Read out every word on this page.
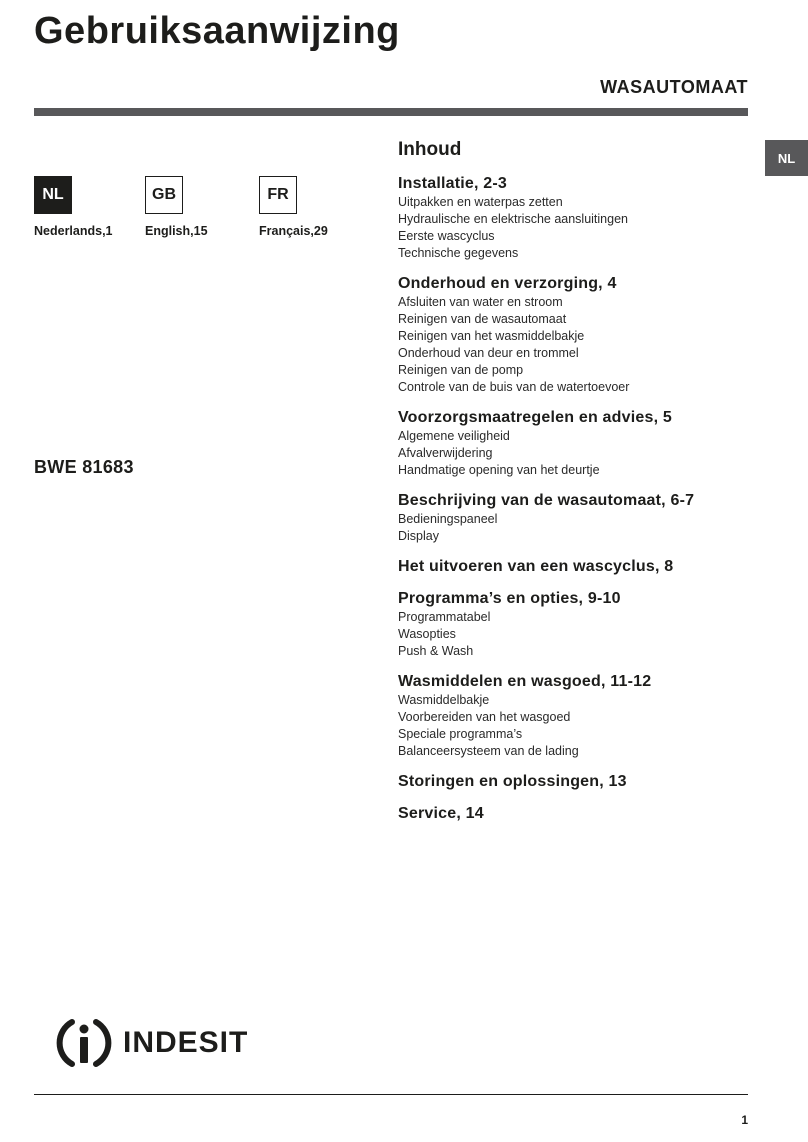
Gebruiksaanwijzing
WASAUTOMAAT
NL
NL
Nederlands,1
GB
English,15
FR
Français,29
BWE 81683
Inhoud
Installatie, 2-3
Uitpakken en waterpas zetten
Hydraulische en elektrische aansluitingen
Eerste wascyclus
Technische gegevens
Onderhoud en verzorging, 4
Afsluiten van water en stroom
Reinigen van de wasautomaat
Reinigen van het wasmiddelbakje
Onderhoud van deur en trommel
Reinigen van de pomp
Controle van de buis van de watertoevoer
Voorzorgsmaatregelen en advies, 5
Algemene veiligheid
Afvalverwijdering
Handmatige opening van het deurtje
Beschrijving van de wasautomaat, 6-7
Bedieningspaneel
Display
Het uitvoeren van een wascyclus, 8
Programma’s en opties, 9-10
Programmatabel
Wasopties
Push & Wash
Wasmiddelen en wasgoed, 11-12
Wasmiddelbakje
Voorbereiden van het wasgoed
Speciale programma’s
Balanceersysteem van de lading
Storingen en oplossingen, 13
Service, 14
INDESIT
1
